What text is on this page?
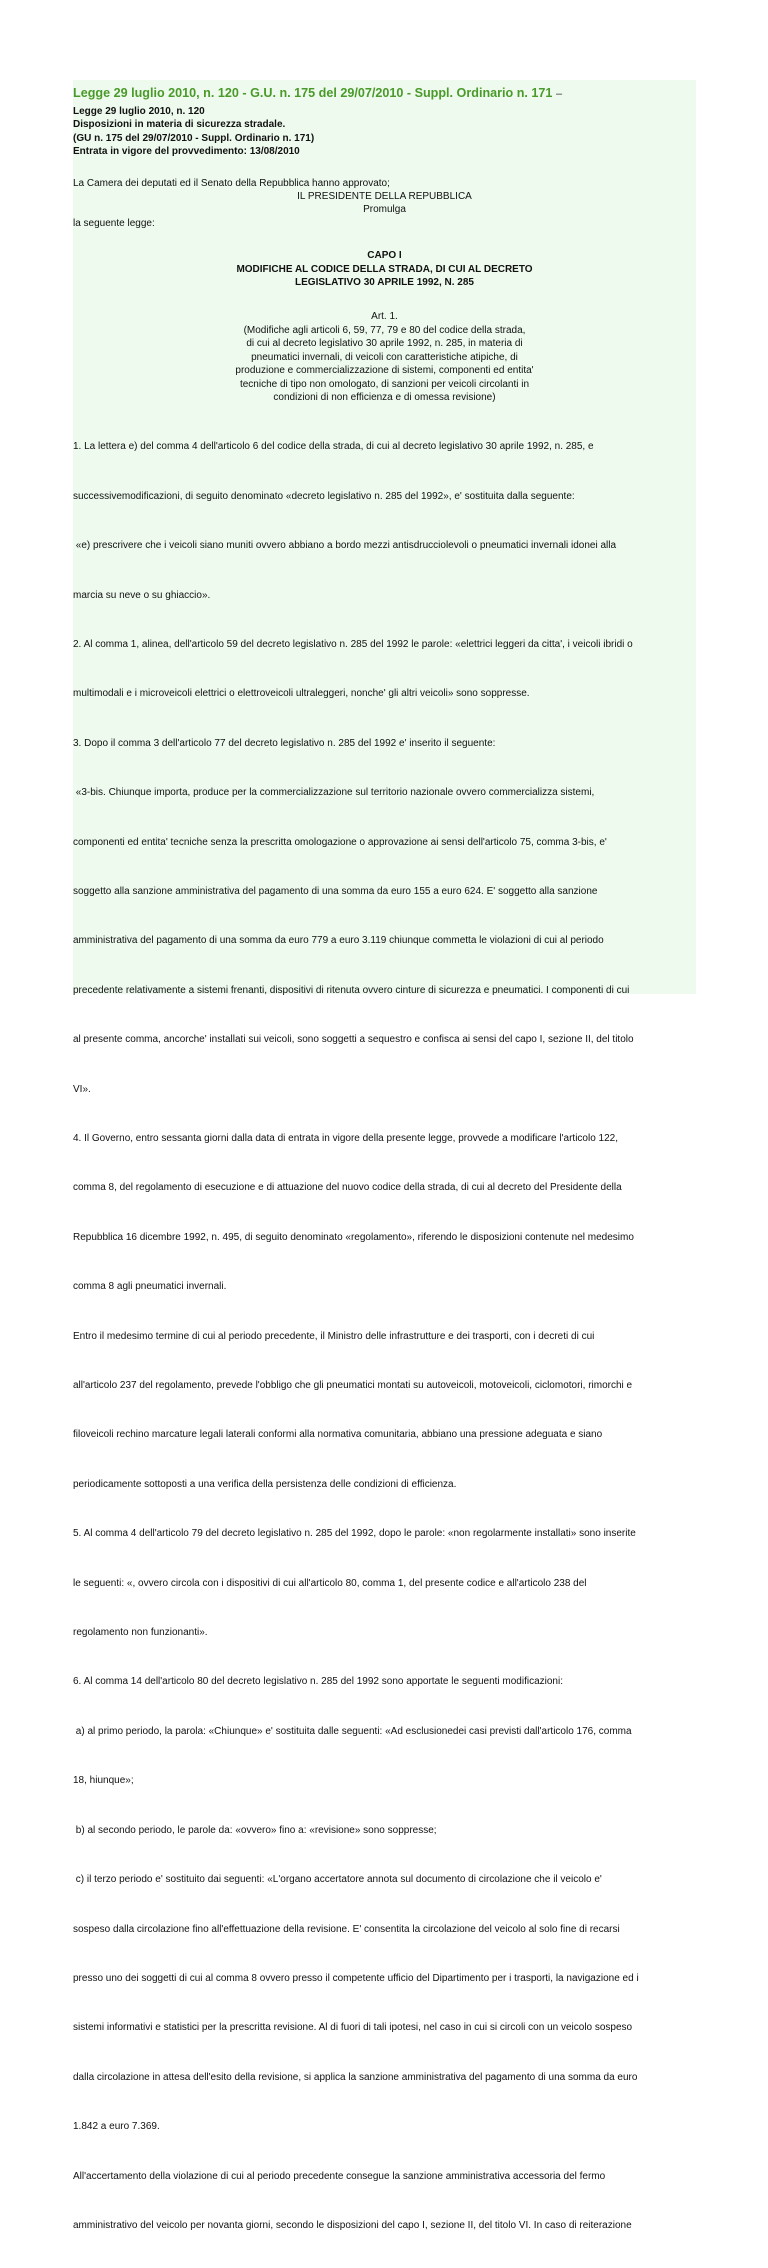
Legge 29 luglio 2010, n. 120 - G.U. n. 175 del 29/07/2010 - Suppl. Ordinario n. 171 –

Legge 29 luglio 2010, n. 120

Disposizioni in materia di sicurezza stradale.

(GU n. 175 del 29/07/2010 - Suppl. Ordinario n. 171)

Entrata in vigore del provvedimento: 13/08/2010

La Camera dei deputati ed il Senato della Repubblica hanno approvato;

IL PRESIDENTE DELLA REPUBBLICA

Promulga

la seguente legge:

CAPO I

MODIFICHE AL CODICE DELLA STRADA, DI CUI AL DECRETO

LEGISLATIVO 30 APRILE 1992, N. 285

Art. 1.

(Modifiche agli articoli 6, 59, 77, 79 e 80 del codice della strada,

di cui al decreto legislativo 30 aprile 1992, n. 285, in materia di

pneumatici invernali, di veicoli con caratteristiche atipiche, di

produzione e commercializzazione di sistemi, componenti ed entita'

tecniche di tipo non omologato, di sanzioni per veicoli circolanti in

condizioni di non efficienza e di omessa revisione)

1. La lettera e) del comma 4 dell'articolo 6 del codice della strada, di cui al decreto legislativo 30 aprile 1992, n. 285, e

successivemodificazioni, di seguito denominato «decreto legislativo n. 285 del 1992», e' sostituita dalla seguente:

«e) prescrivere che i veicoli siano muniti ovvero abbiano a bordo mezzi antisdrucciolevoli o pneumatici invernali idonei alla

marcia su neve o su ghiaccio».

2. Al comma 1, alinea, dell'articolo 59 del decreto legislativo n. 285 del 1992 le parole: «elettrici leggeri da citta', i veicoli ibridi o

multimodali e i microveicoli elettrici o elettroveicoli ultraleggeri, nonche' gli altri veicoli» sono soppresse.

3. Dopo il comma 3 dell'articolo 77 del decreto legislativo n. 285 del 1992 e' inserito il seguente:

«3-bis. Chiunque importa, produce per la commercializzazione sul territorio nazionale ovvero commercializza sistemi,

componenti ed entita' tecniche senza la prescritta omologazione o approvazione ai sensi dell'articolo 75, comma 3-bis, e'

soggetto alla sanzione amministrativa del pagamento di una somma da euro 155 a euro 624. E' soggetto alla sanzione

amministrativa del pagamento di una somma da euro 779 a euro 3.119 chiunque commetta le violazioni di cui al periodo

precedente relativamente a sistemi frenanti, dispositivi di ritenuta ovvero cinture di sicurezza e pneumatici. I componenti di cui

al presente comma, ancorche' installati sui veicoli, sono soggetti a sequestro e confisca ai sensi del capo I, sezione II, del titolo

VI».

4. Il Governo, entro sessanta giorni dalla data di entrata in vigore della presente legge, provvede a modificare l'articolo 122,

comma 8, del regolamento di esecuzione e di attuazione del nuovo codice della strada, di cui al decreto del Presidente della

Repubblica 16 dicembre 1992, n. 495, di seguito denominato «regolamento», riferendo le disposizioni contenute nel medesimo

comma 8 agli pneumatici invernali.

Entro il medesimo termine di cui al periodo precedente, il Ministro delle infrastrutture e dei trasporti, con i decreti di cui

all'articolo 237 del regolamento, prevede l'obbligo che gli pneumatici montati su autoveicoli, motoveicoli, ciclomotori, rimorchi e

filoveicoli rechino marcature legali laterali conformi alla normativa comunitaria, abbiano una pressione adeguata e siano

periodicamente sottoposti a una verifica della persistenza delle condizioni di efficienza.

5. Al comma 4 dell'articolo 79 del decreto legislativo n. 285 del 1992, dopo le parole: «non regolarmente installati» sono inserite

le seguenti: «, ovvero circola con i dispositivi di cui all'articolo 80, comma 1, del presente codice e all'articolo 238 del

regolamento non funzionanti».

6. Al comma 14 dell'articolo 80 del decreto legislativo n. 285 del 1992 sono apportate le seguenti modificazioni:

a) al primo periodo, la parola: «Chiunque» e' sostituita dalle seguenti: «Ad esclusionedei casi previsti dall'articolo 176, comma

18, hiunque»;

b) al secondo periodo, le parole da: «ovvero» fino a: «revisione» sono soppresse;

c) il terzo periodo e' sostituito dai seguenti: «L'organo accertatore annota sul documento di circolazione che il veicolo e'

sospeso dalla circolazione fino all'effettuazione della revisione. E' consentita la circolazione del veicolo al solo fine di recarsi

presso uno dei soggetti di cui al comma 8 ovvero presso il competente ufficio del Dipartimento per i trasporti, la navigazione ed i

sistemi informativi e statistici per la prescritta revisione. Al di fuori di tali ipotesi, nel caso in cui si circoli con un veicolo sospeso

dalla circolazione in attesa dell'esito della revisione, si applica la sanzione amministrativa del pagamento di una somma da euro

1.842 a euro 7.369.

All'accertamento della violazione di cui al periodo precedente consegue la sanzione amministrativa accessoria del fermo

amministrativo del veicolo per novanta giorni, secondo le disposizioni del capo I, sezione II, del titolo VI. In caso di reiterazione
